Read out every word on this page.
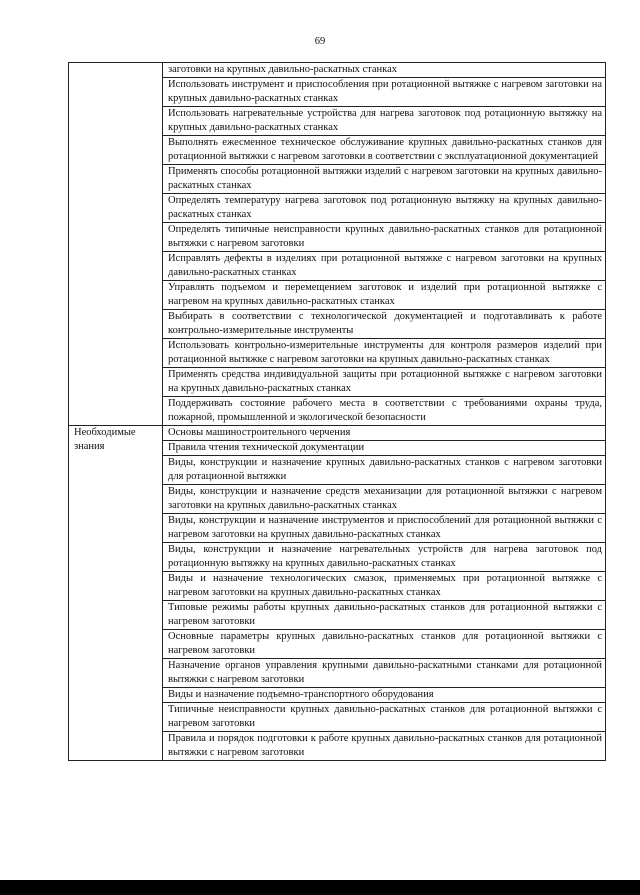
69
	заготовки на крупных давильно-раскатных станках
	Использовать инструмент и приспособления при ротационной вытяжке с нагревом заготовки на крупных давильно-раскатных станках
	Использовать нагревательные устройства для нагрева заготовок под ротационную вытяжку на крупных давильно-раскатных станках
	Выполнять ежесменное техническое обслуживание крупных давильно-раскатных станков для ротационной вытяжки с нагревом заготовки в соответствии с эксплуатационной документацией
	Применять способы ротационной вытяжки изделий с нагревом заготовки на крупных давильно-раскатных станках
	Определять температуру нагрева заготовок под ротационную вытяжку на крупных давильно-раскатных станках
	Определять типичные неисправности крупных давильно-раскатных станков для ротационной вытяжки с нагревом заготовки
	Исправлять дефекты в изделиях при ротационной вытяжке с нагревом заготовки на крупных давильно-раскатных станках
	Управлять подъемом и перемещением заготовок и изделий при ротационной вытяжке с нагревом на крупных давильно-раскатных станках
	Выбирать в соответствии с технологической документацией и подготавливать к работе контрольно-измерительные инструменты
	Использовать контрольно-измерительные инструменты для контроля размеров изделий при ротационной вытяжке с нагревом заготовки на крупных давильно-раскатных станках
	Применять средства индивидуальной защиты при ротационной вытяжке с нагревом заготовки на крупных давильно-раскатных станках
	Поддерживать состояние рабочего места в соответствии с требованиями охраны труда, пожарной, промышленной и экологической безопасности
Необходимые знания	Основы машиностроительного черчения
	Правила чтения технической документации
	Виды, конструкции и назначение крупных давильно-раскатных станков с нагревом заготовки для ротационной вытяжки
	Виды, конструкции и назначение средств механизации для ротационной вытяжки с нагревом заготовки на крупных давильно-раскатных станках
	Виды, конструкции и назначение инструментов и приспособлений для ротационной вытяжки с нагревом заготовки на крупных давильно-раскатных станках
	Виды, конструкции и назначение нагревательных устройств для нагрева заготовок под ротационную вытяжку на крупных давильно-раскатных станках
	Виды и назначение технологических смазок, применяемых при ротационной вытяжке с нагревом заготовки на крупных давильно-раскатных станках
	Типовые режимы работы крупных давильно-раскатных станков для ротационной вытяжки с нагревом заготовки
	Основные параметры крупных давильно-раскатных станков для ротационной вытяжки с нагревом заготовки
	Назначение органов управления крупными давильно-раскатными станками для ротационной вытяжки с нагревом заготовки
	Виды и назначение подъемно-транспортного оборудования
	Типичные неисправности крупных давильно-раскатных станков для ротационной вытяжки с нагревом заготовки
	Правила и порядок подготовки к работе крупных давильно-раскатных станков для ротационной вытяжки с нагревом заготовки
